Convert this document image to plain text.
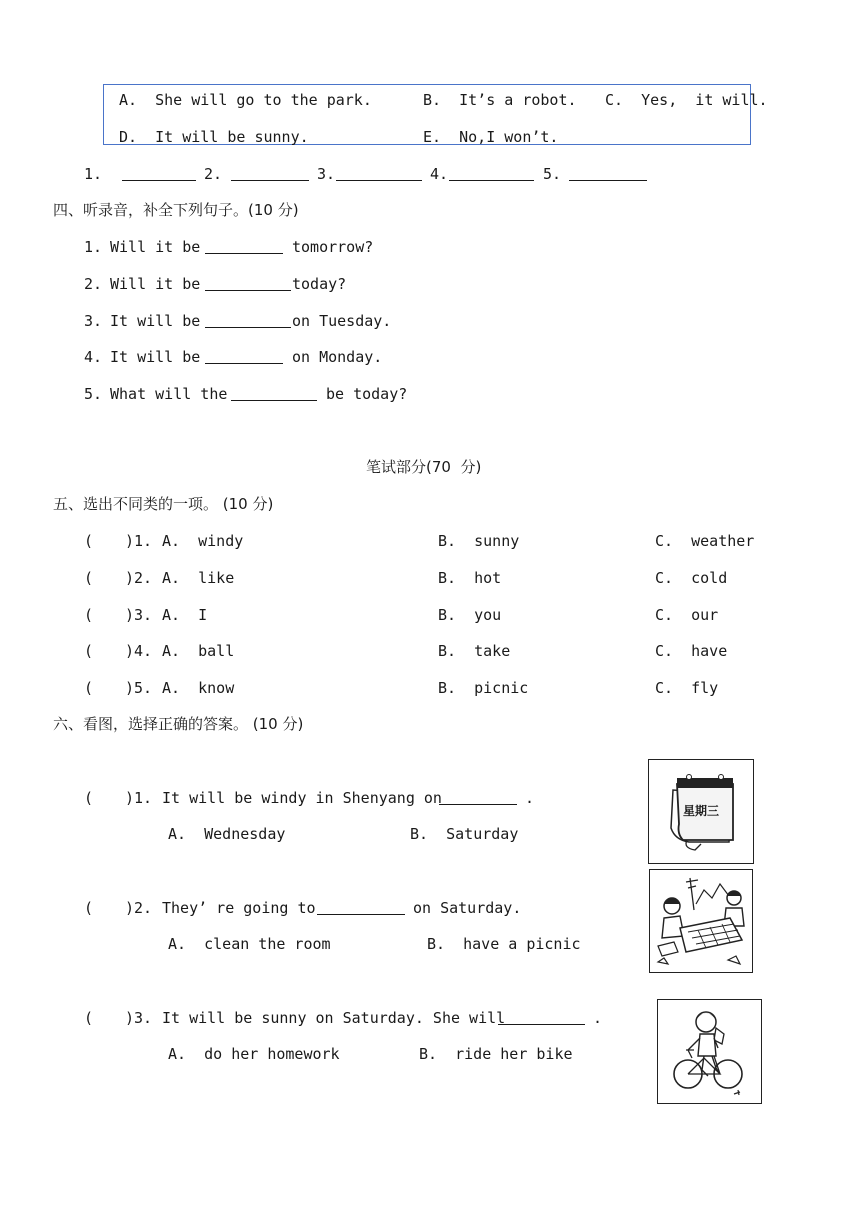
A.  She will go to the park.	B.  It’s a robot. C.  Yes,  it will.
D.  It will be sunny.	E.  No,I won’t.
1.	2.	3.	4.	5.
四、听录音，补全下列句子。(10 分)
1. Will it be	tomorrow?
2. Will it be	today?
3. It will be	on Tuesday.
4. It will be	on Monday.
5. What will the	be today?
笔试部分(70  分)
五、选出不同类的一项。 (10 分)
( )1. A.  windy	B.  sunny	C.  weather
( )2. A.  like	B.  hot	C.  cold
( )3. A.  I	B.  you	C.  our
( )4. A.  ball	B.  take	C.  have
( )5. A.  know	B.  picnic	C.  fly
六、看图，选择正确的答案。 (10 分)
( )1. It will be windy in Shenyang on	.
A.  Wednesday	B.  Saturday
星期三
( )2. They’ re going to	on Saturday.
A.  clean the room	B.  have a picnic
( )3. It will be sunny on Saturday. She will	.
A.  do her homework	B.  ride her bike
